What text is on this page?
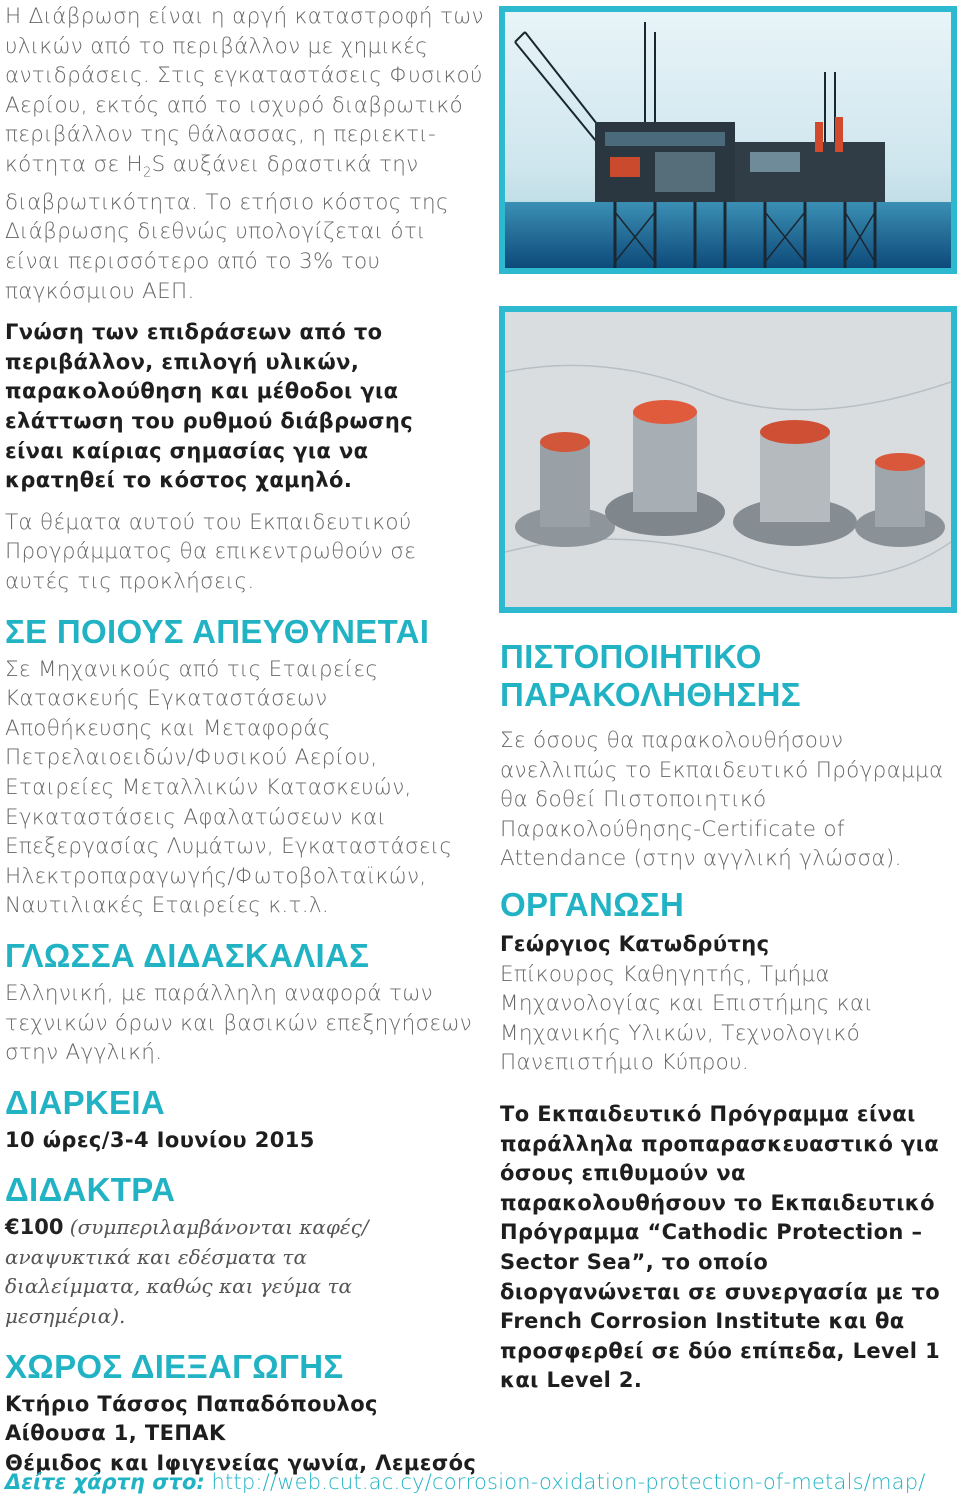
Η Διάβρωση είναι η αργή καταστροφή των υλικών από το περιβάλλον με χημικές αντιδράσεις. Στις εγκαταστάσεις Φυσικού Αερίου, εκτός από το ισχυρό διαβρωτικό περιβάλλον της θάλασσας, η περιεκτι-κότητα σε $H_2S$ αυξάνει δραστικά την διαβρωτικότητα. Το ετήσιο κόστος της Διάβρωσης διεθνώς υπολογίζεται ότι είναι περισσότερο από το 3% του παγκόσμιου ΑΕΠ.

Γνώση των επιδράσεων από το περιβάλλον, επιλογή υλικών, παρακολούθηση και μέθοδοι για ελάττωση του ρυθμού διάβρωσης είναι καίριας σημασίας για να κρατηθεί το κόστος χαμηλό.

Τα θέματα αυτού του Εκπαιδευτικού Προγράμματος θα επικεντρωθούν σε αυτές τις προκλήσεις.

ΣΕ ΠΟΙΟΥΣ ΑΠΕΥΘΥΝΕΤΑΙ

Σε Μηχανικούς από τις Εταιρείες Κατασκευής Εγκαταστάσεων Αποθήκευσης και Μεταφοράς Πετρελαιοειδών/Φυσικού Αερίου, Εταιρείες Μεταλλικών Κατασκευών, Εγκαταστάσεις Αφαλατώσεων και Επεξεργασίας Λυμάτων, Εγκαταστάσεις Ηλεκτροπαραγωγής/Φωτοβολταϊκών, Ναυτιλιακές Εταιρείες κ.τ.λ.

ΓΛΩΣΣΑ ΔΙΔΑΣΚΑΛΙΑΣ

Ελληνική, με παράλληλη αναφορά των τεχνικών όρων και βασικών επεξηγήσεων στην Αγγλική.

ΔΙΑΡΚΕΙΑ

10 ώρες/3-4 Ιουνίου 2015

ΔΙΔΑΚΤΡΑ

€100 (συμπεριλαμβάνονται καφές/ αναψυκτικά και εδέσματα τα διαλείμματα, καθώς και γεύμα τα μεσημέρια).

ΧΩΡΟΣ ΔΙΕΞΑΓΩΓΗΣ

Κτήριο Τάσσος Παπαδόπουλος

Αίθουσα 1, ΤΕΠΑΚ

Θέμιδος και Ιφιγενείας γωνία, Λεμεσός

ΠΙΣΤΟΠΟΙΗΤΙΚΟ
ΠΑΡΑΚΟΛΗΘΗΣΗΣ

Σε όσους θα παρακολουθήσουν ανελλιπώς το Εκπαιδευτικό Πρόγραμμα θα δοθεί Πιστοποιητικό Παρακολούθησης-Certificate of Attendance (στην αγγλική γλώσσα).

ΟΡΓΑΝΩΣΗ

Γεώργιος Κατωδρύτης

Επίκουρος Καθηγητής, Τμήμα Μηχανολογίας και Επιστήμης και Μηχανικής Υλικών, Τεχνολογικό Πανεπιστήμιο Κύπρου.

Το Εκπαιδευτικό Πρόγραμμα είναι παράλληλα προπαρασκευαστικό για όσους επιθυμούν να παρακολουθήσουν το Εκπαιδευτικό Πρόγραμμα “Cathodic Protection – Sector Sea”, το οποίο διοργανώνεται σε συνεργασία με το French Corrosion Institute και θα προσφερθεί σε δύο επίπεδα, Level 1 και Level 2.

Δείτε χάρτη στο: http://web.cut.ac.cy/corrosion-oxidation-protection-of-metals/map/
